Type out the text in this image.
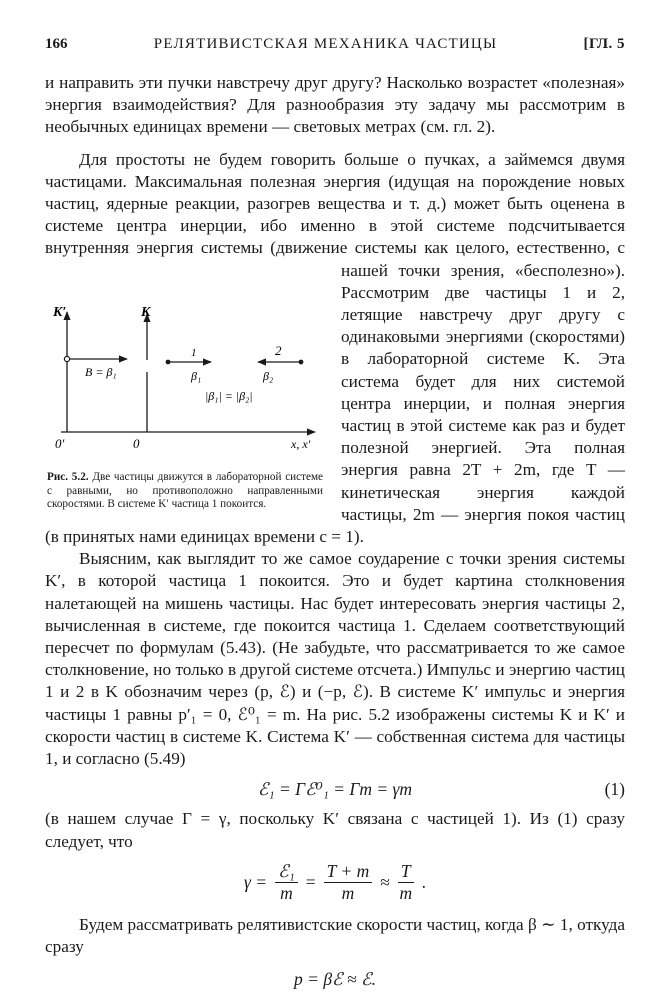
166	РЕЛЯТИВИСТСКАЯ МЕХАНИКА ЧАСТИЦЫ	[ГЛ. 5

и направить эти пучки навстречу друг другу? Насколько возрастет «полезная» энергия взаимодействия? Для разнообразия эту задачу мы рассмотрим в необычных единицах времени — световых метрах (см. гл. 2).

Для простоты не будем говорить больше о пучках, а займемся двумя частицами. Максимальная полезная энергия (идущая на порождение новых частиц, ядерные реакции, разогрев вещества и т. д.) может быть оценена в системе центра инерции, ибо именно в этой системе подсчитывается внутренняя энергия системы (движение системы как целого, естественно, с нашей точки зрения, «бесполезно»).
Рассмотрим две частицы 1 и 2, летящие навстречу друг другу с одинаковыми энергиями (скоростями) в лабораторной системе K. Эта система будет для них системой центра инерции, и полная энергия частиц в этой системе как раз и будет полезной энергией. Эта полная энергия равна 2T + 2m, где T — кинетическая энергия каждой частицы, 2m — энергия покоя частиц (в принятых нами единицах времени c = 1).

Выясним, как выглядит то же самое соударение с точки зрения системы K′, в которой частица 1 покоится. Это и будет картина столкновения налетающей на мишень частицы. Нас будет интересовать энергия частицы 2, вычисленная в системе, где покоится частица 1. Сделаем соответствующий пересчет по формулам (5.43). (Не забудьте, что рассматривается то же самое столкновение, но только в другой системе отсчета.) Импульс и энергию частиц 1 и 2 в K обозначим через (p, ℰ) и (−p, ℰ). В системе K′ импульс и энергия частицы 1 равны p′₁ = 0, ℰ⁰₁ = m. На рис. 5.2 изображены системы K и K′ и скорости частиц в системе K. Система K′ — собственная система для частицы 1, и согласно (5.49)

ℰ₁ = Γℰ⁰₁ = Γm = γm	(1)

(в нашем случае Γ = γ, поскольку K′ связана с частицей 1). Из (1) сразу следует, что

$\gamma = \frac{\text{ℰ₁}}{m} = \frac{T + m}{m} \approx \frac{T}{m}$ .

Будем рассматривать релятивистские скорости частиц, когда β ∼ 1, откуда сразу

p = βℰ ≈ ℰ.
K′	K
0′	0	x, x′
B = β₁
1
β₁
2
β₂
|β₁| = |β₂|

Рис. 5.2. Две частицы движутся в лабораторной системе с равными, но противоположно направленными скоростями. В системе K′ частица 1 покоится.
